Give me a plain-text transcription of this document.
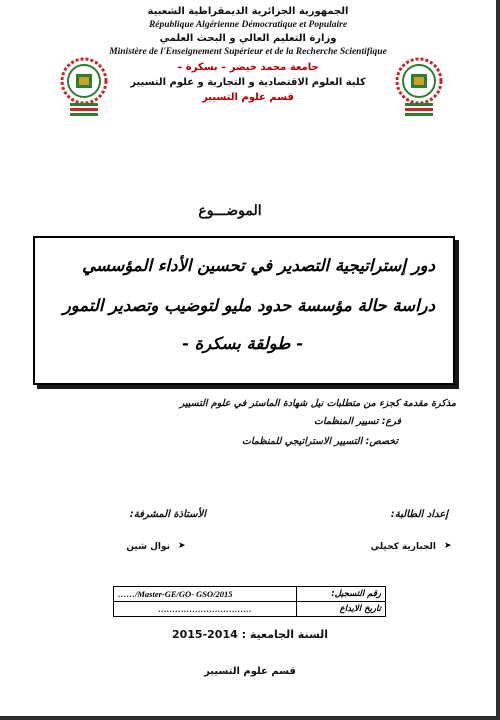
الجمهورية الجزائرية الديمقراطية الشعبية
République Algérienne Démocratique et Populaire
وزارة التعليم العالي و البحث العلمي
Ministère de l'Enseignement Supérieur et de la Recherche Scientifique
جامعة محمد خيضر – بسكرة –
كلية العلوم الاقتصادية و التجارية و علوم التسيير
قسم علوم التسيير
الموضـــوع
دور إستراتيجية التصدير في تحسين الأداء المؤسسي
دراسة حالة مؤسسة حدود مليو لتوضيب وتصدير التمور
- طولقة بسكرة -
مذكرة مقدمة كجزء من متطلبات نيل شهادة الماستر في علوم التسيير
فرع: تسيير المنظمات
تخصص: التسيير الاستراتيجي للمنظمات
إعداد الطالبة:
الأستاذة المشرفة:
➤
الجبارية كحيلي
➤
نوال شين
……/Master-GE/GO- GSO/2015	رقم التسجيل:
……………………………	تاريخ الايداع
السنة الجامعية : 2014-2015
قسم علوم التسيير
